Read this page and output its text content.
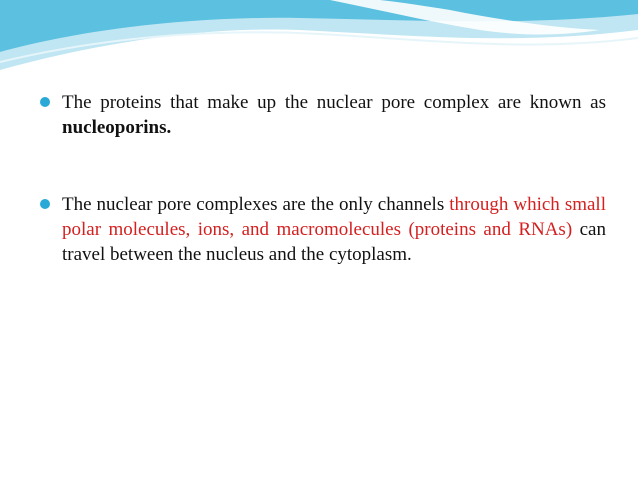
The proteins that make up the nuclear pore complex are known as nucleoporins.
The nuclear pore complexes are the only channels through which small polar molecules, ions, and macromolecules (proteins and RNAs) can travel between the nucleus and the cytoplasm.
